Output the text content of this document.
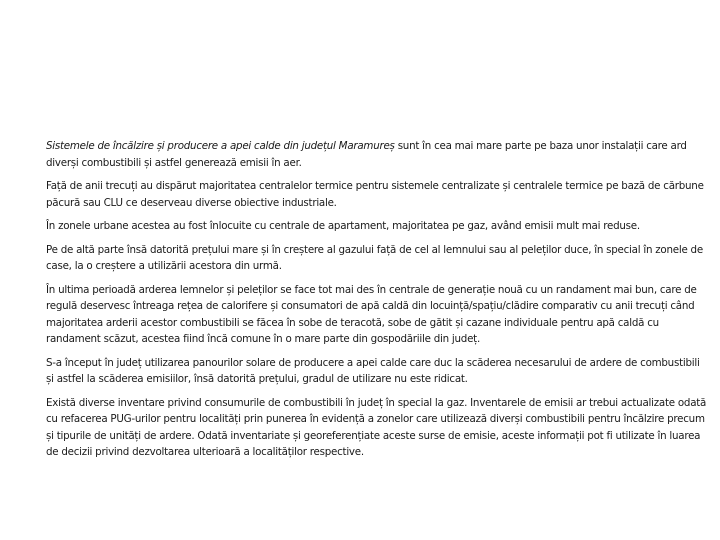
Sistemele de încălzire și producere a apei calde din județul Maramureș sunt în cea mai mare parte pe baza unor instalații care ard diverși combustibili și astfel generează emisii în aer.

Față de anii trecuți au dispărut majoritatea centralelor termice pentru sistemele centralizate și centralele termice pe bază de cărbune păcură sau CLU ce deserveau diverse obiective industriale.

În zonele urbane acestea au fost înlocuite cu centrale de apartament, majoritatea pe gaz, având emisii mult mai reduse.

Pe de altă parte însă datorită prețului mare și în creștere al gazului față de cel al lemnului sau al peleților duce, în special în zonele de case, la o creștere a utilizării acestora din urmă.

În ultima perioadă arderea lemnelor și peleților se face tot mai des în centrale de generație nouă cu un randament mai bun, care de regulă deservesc întreaga rețea de calorifere și consumatori de apă caldă din locuință/spațiu/clădire comparativ cu anii trecuți când majoritatea arderii acestor combustibili se făcea în sobe de teracotă, sobe de gătit și cazane individuale pentru apă caldă cu randament scăzut, acestea fiind încă comune în o mare parte din gospodăriile din județ.

S-a început în județ utilizarea panourilor solare de producere a apei calde care duc la scăderea necesarului de ardere de combustibili și astfel la scăderea emisiilor, însă datorită prețului, gradul de utilizare nu este ridicat.

Există diverse inventare privind consumurile de combustibili în județ în special la gaz. Inventarele de emisii ar trebui actualizate odată cu refacerea PUG-urilor pentru localități prin punerea în evidență a zonelor care utilizează diverși combustibili pentru încălzire precum și tipurile de unități de ardere. Odată inventariate și georeferențiate aceste surse de emisie, aceste informații pot fi utilizate în luarea de decizii privind dezvoltarea ulterioară a localităților respective.
